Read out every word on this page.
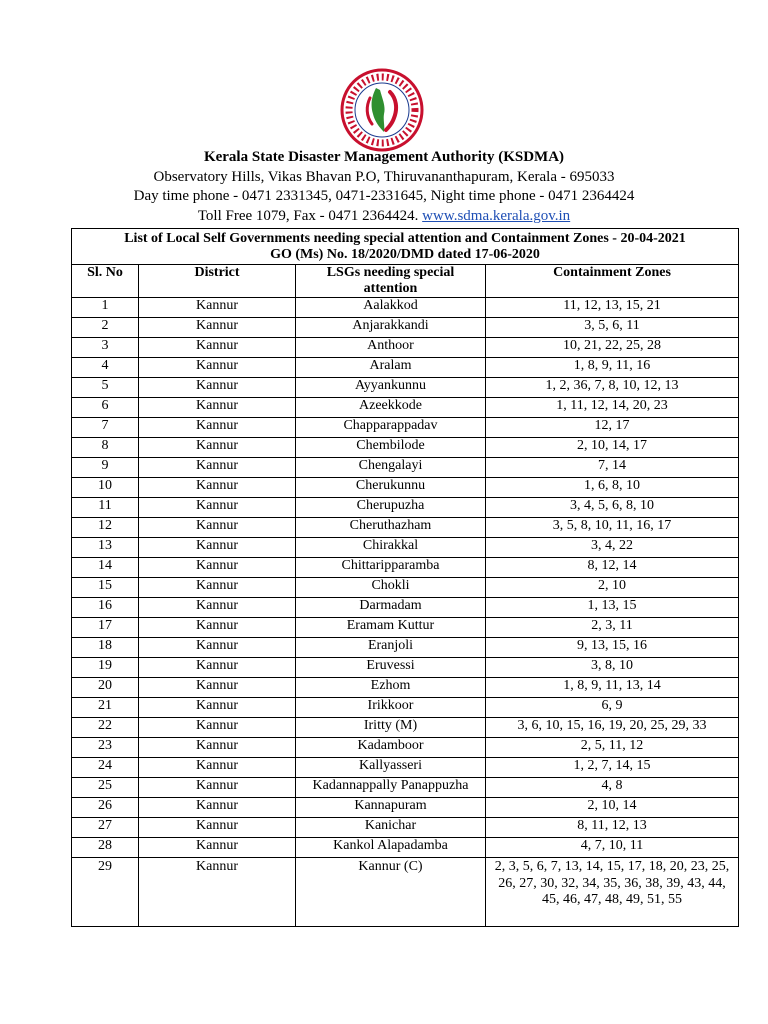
Kerala State Disaster Management Authority (KSDMA)
Observatory Hills, Vikas Bhavan P.O, Thiruvananthapuram, Kerala - 695033
Day time phone - 0471 2331345, 0471-2331645, Night time phone - 0471 2364424
Toll Free 1079, Fax - 0471 2364424. www.sdma.kerala.gov.in
List of Local Self Governments needing special attention and Containment Zones - 20-04-2021
GO (Ms) No. 18/2020/DMD dated 17-06-2020			

Sl. No	District	LSGs needing special attention	Containment Zones
1	Kannur	Aalakkod	11, 12, 13, 15, 21
2	Kannur	Anjarakkandi	3, 5, 6, 11
3	Kannur	Anthoor	10, 21, 22, 25, 28
4	Kannur	Aralam	1, 8, 9, 11, 16
5	Kannur	Ayyankunnu	1, 2, 36, 7, 8, 10, 12, 13
6	Kannur	Azeekkode	1, 11, 12, 14, 20, 23
7	Kannur	Chapparappadav	12, 17
8	Kannur	Chembilode	2, 10, 14, 17
9	Kannur	Chengalayi	7, 14
10	Kannur	Cherukunnu	1, 6, 8, 10
11	Kannur	Cherupuzha	3, 4, 5, 6, 8, 10
12	Kannur	Cheruthazham	3, 5, 8, 10, 11, 16, 17
13	Kannur	Chirakkal	3, 4, 22
14	Kannur	Chittaripparamba	8, 12, 14
15	Kannur	Chokli	2, 10
16	Kannur	Darmadam	1, 13, 15
17	Kannur	Eramam Kuttur	2, 3, 11
18	Kannur	Eranjoli	9, 13, 15, 16
19	Kannur	Eruvessi	3, 8, 10
20	Kannur	Ezhom	1, 8, 9, 11, 13, 14
21	Kannur	Irikkoor	6, 9
22	Kannur	Iritty (M)	3, 6, 10, 15, 16, 19, 20, 25, 29, 33
23	Kannur	Kadamboor	2, 5, 11, 12
24	Kannur	Kallyasseri	1, 2, 7, 14, 15
25	Kannur	Kadannappally Panappuzha	4, 8
26	Kannur	Kannapuram	2, 10, 14
27	Kannur	Kanichar	8, 11, 12, 13
28	Kannur	Kankol Alapadamba	4, 7, 10, 11
29	Kannur	Kannur (C)	2, 3, 5, 6, 7, 13, 14, 15, 17, 18, 20, 23, 25, 26, 27, 30, 32, 34, 35, 36, 38, 39, 43, 44, 45, 46, 47, 48, 49, 51, 55
